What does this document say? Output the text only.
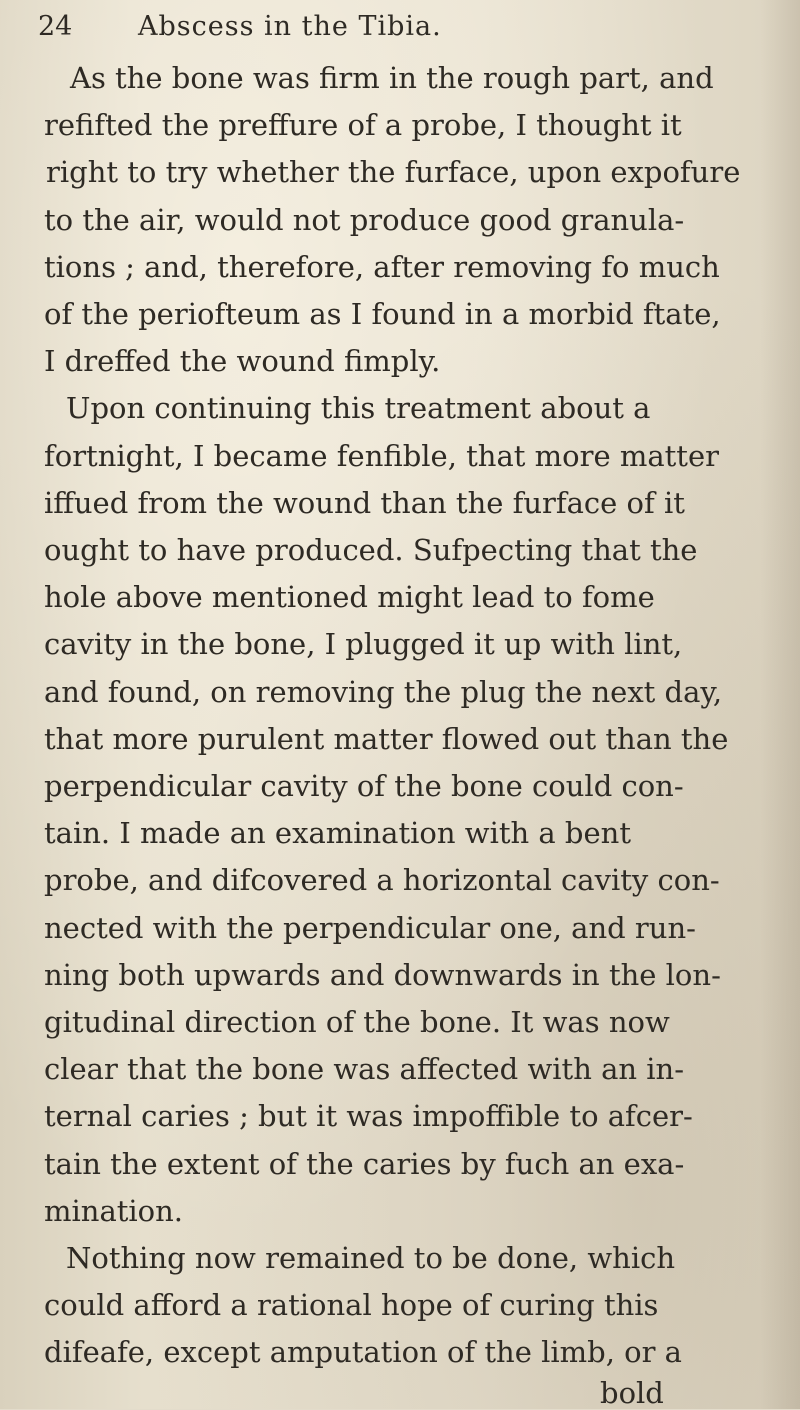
24 Abscess in the Tibia.
As the bone was firm in the rough part, and
refifted the preffure of a probe, I thought it
right to try whether the furface, upon expofure
to the air, would not produce good granula-
tions ; and, therefore, after removing fo much
of the periofteum as I found in a morbid ftate,
I dreffed the wound fimply.
Upon continuing this treatment about a
fortnight, I became fenfible, that more matter
iffued from the wound than the furface of it
ought to have produced. Sufpecting that the
hole above mentioned might lead to fome
cavity in the bone, I plugged it up with lint,
and found, on removing the plug the next day,
that more purulent matter flowed out than the
perpendicular cavity of the bone could con-
tain. I made an examination with a bent
probe, and difcovered a horizontal cavity con-
nected with the perpendicular one, and run-
ning both upwards and downwards in the lon-
gitudinal direction of the bone. It was now
clear that the bone was affected with an in-
ternal caries ; but it was impoffible to afcer-
tain the extent of the caries by fuch an exa-
mination.
Nothing now remained to be done, which
could afford a rational hope of curing this
difeafe, except amputation of the limb, or a
bold
